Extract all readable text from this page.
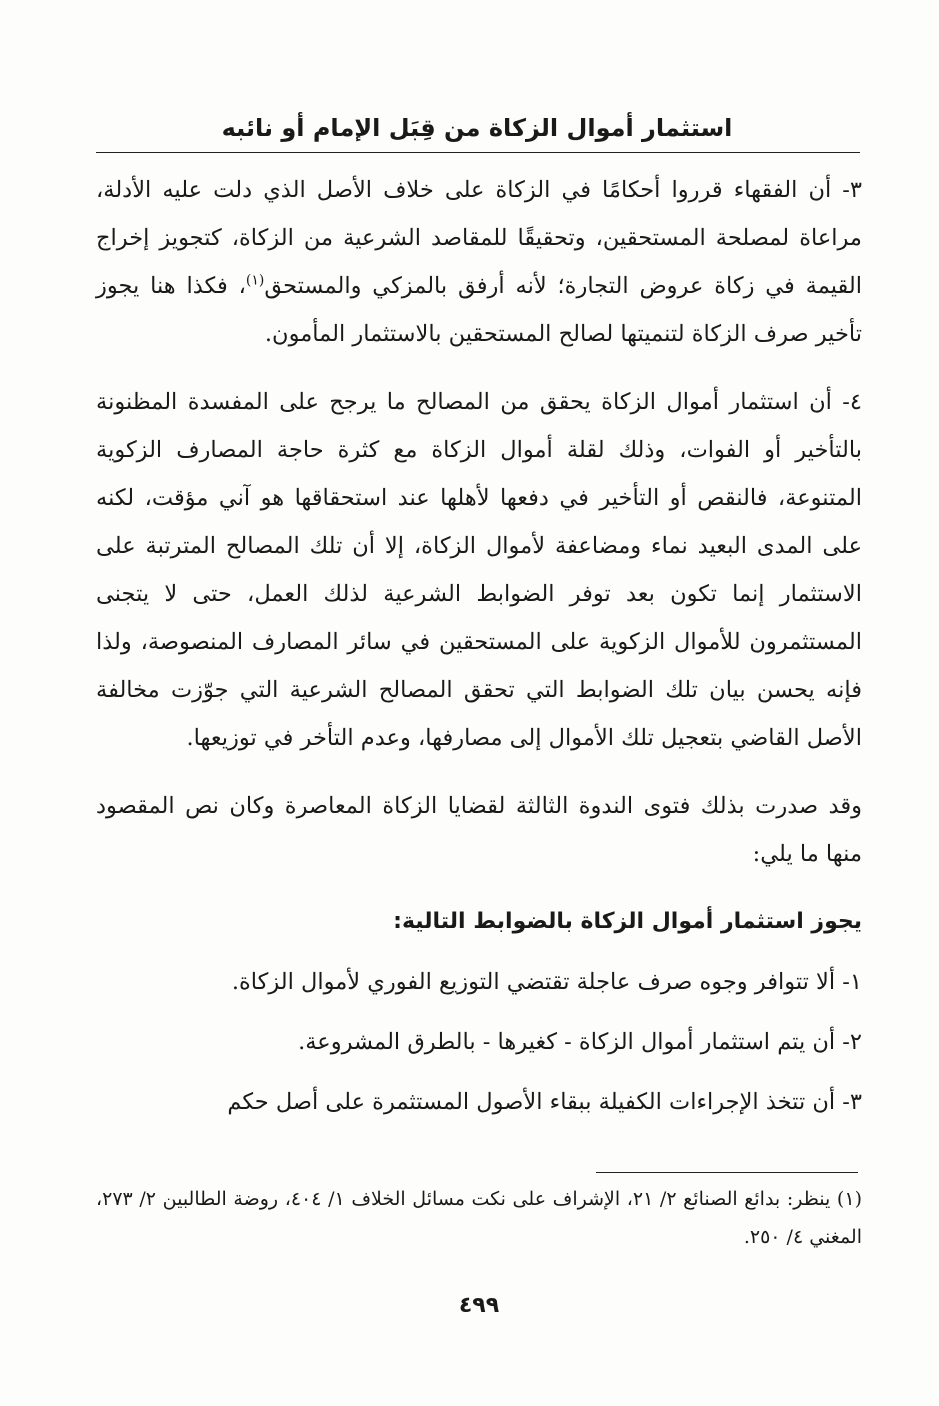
استثمار أموال الزكاة من قِبَل الإمام أو نائبه

٣- أن الفقهاء قرروا أحكامًا في الزكاة على خلاف الأصل الذي دلت عليه الأدلة، مراعاة لمصلحة المستحقين، وتحقيقًا للمقاصد الشرعية من الزكاة، كتجويز إخراج القيمة في زكاة عروض التجارة؛ لأنه أرفق بالمزكي والمستحق$^{(١)}$، فكذا هنا يجوز تأخير صرف الزكاة لتنميتها لصالح المستحقين بالاستثمار المأمون.

٤- أن استثمار أموال الزكاة يحقق من المصالح ما يرجح على المفسدة المظنونة بالتأخير أو الفوات، وذلك لقلة أموال الزكاة مع كثرة حاجة المصارف الزكوية المتنوعة، فالنقص أو التأخير في دفعها لأهلها عند استحقاقها هو آني مؤقت، لكنه على المدى البعيد نماء ومضاعفة لأموال الزكاة، إلا أن تلك المصالح المترتبة على الاستثمار إنما تكون بعد توفر الضوابط الشرعية لذلك العمل، حتى لا يتجنى المستثمرون للأموال الزكوية على المستحقين في سائر المصارف المنصوصة، ولذا فإنه يحسن بيان تلك الضوابط التي تحقق المصالح الشرعية التي جوّزت مخالفة الأصل القاضي بتعجيل تلك الأموال إلى مصارفها، وعدم التأخر في توزيعها.

وقد صدرت بذلك فتوى الندوة الثالثة لقضايا الزكاة المعاصرة وكان نص المقصود منها ما يلي:

يجوز استثمار أموال الزكاة بالضوابط التالية:

١- ألا تتوافر وجوه صرف عاجلة تقتضي التوزيع الفوري لأموال الزكاة.

٢- أن يتم استثمار أموال الزكاة - كغيرها - بالطرق المشروعة.

٣- أن تتخذ الإجراءات الكفيلة ببقاء الأصول المستثمرة على أصل حكم

(١) ينظر: بدائع الصنائع ٢/ ٢١، الإشراف على نكت مسائل الخلاف ١/ ٤٠٤، روضة الطالبين ٢/ ٢٧٣، المغني ٤/ ٢٥٠.
٤٩٩
